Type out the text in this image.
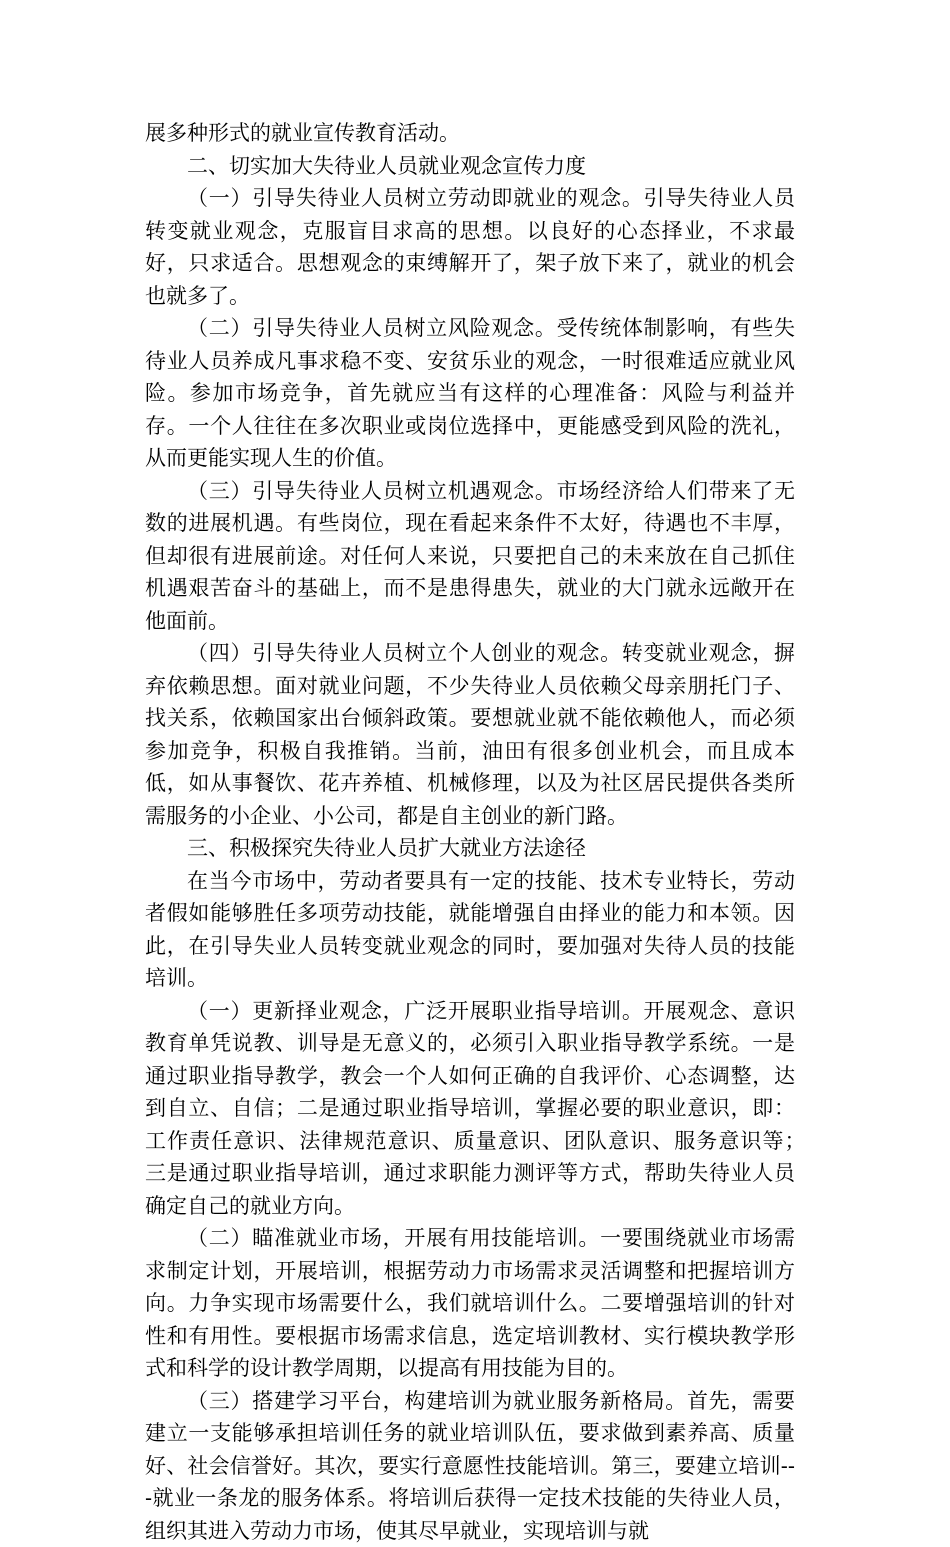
展多种形式的就业宣传教育活动。

二、切实加大失待业人员就业观念宣传力度

（一）引导失待业人员树立劳动即就业的观念。引导失待业人员转变就业观念，克服盲目求高的思想。以良好的心态择业，不求最好，只求适合。思想观念的束缚解开了，架子放下来了，就业的机会也就多了。

（二）引导失待业人员树立风险观念。受传统体制影响，有些失待业人员养成凡事求稳不变、安贫乐业的观念，一时很难适应就业风险。参加市场竞争，首先就应当有这样的心理准备：风险与利益并存。一个人往往在多次职业或岗位选择中，更能感受到风险的洗礼，从而更能实现人生的价值。

（三）引导失待业人员树立机遇观念。市场经济给人们带来了无数的进展机遇。有些岗位，现在看起来条件不太好，待遇也不丰厚，但却很有进展前途。对任何人来说，只要把自己的未来放在自己抓住机遇艰苦奋斗的基础上，而不是患得患失，就业的大门就永远敞开在他面前。

（四）引导失待业人员树立个人创业的观念。转变就业观念，摒弃依赖思想。面对就业问题，不少失待业人员依赖父母亲朋托门子、找关系，依赖国家出台倾斜政策。要想就业就不能依赖他人，而必须参加竞争，积极自我推销。当前，油田有很多创业机会，而且成本低，如从事餐饮、花卉养植、机械修理，以及为社区居民提供各类所需服务的小企业、小公司，都是自主创业的新门路。

三、积极探究失待业人员扩大就业方法途径

在当今市场中，劳动者要具有一定的技能、技术专业特长，劳动者假如能够胜任多项劳动技能，就能增强自由择业的能力和本领。因此，在引导失业人员转变就业观念的同时，要加强对失待人员的技能培训。

（一）更新择业观念，广泛开展职业指导培训。开展观念、意识教育单凭说教、训导是无意义的，必须引入职业指导教学系统。一是通过职业指导教学，教会一个人如何正确的自我评价、心态调整，达到自立、自信；二是通过职业指导培训，掌握必要的职业意识，即：工作责任意识、法律规范意识、质量意识、团队意识、服务意识等；　三是通过职业指导培训，通过求职能力测评等方式，帮助失待业人员确定自己的就业方向。

（二）瞄准就业市场，开展有用技能培训。一要围绕就业市场需求制定计划，开展培训，根据劳动力市场需求灵活调整和把握培训方向。力争实现市场需要什么，我们就培训什么。二要增强培训的针对性和有用性。要根据市场需求信息，选定培训教材、实行模块教学形式和科学的设计教学周期，以提高有用技能为目的。

（三）搭建学习平台，构建培训为就业服务新格局。首先，需要建立一支能够承担培训任务的就业培训队伍，要求做到素养高、质量好、社会信誉好。其次，要实行意愿性技能培训。第三，要建立培训---就业一条龙的服务体系。将培训后获得一定技术技能的失待业人员，组织其进入劳动力市场，使其尽早就业，实现培训与就
